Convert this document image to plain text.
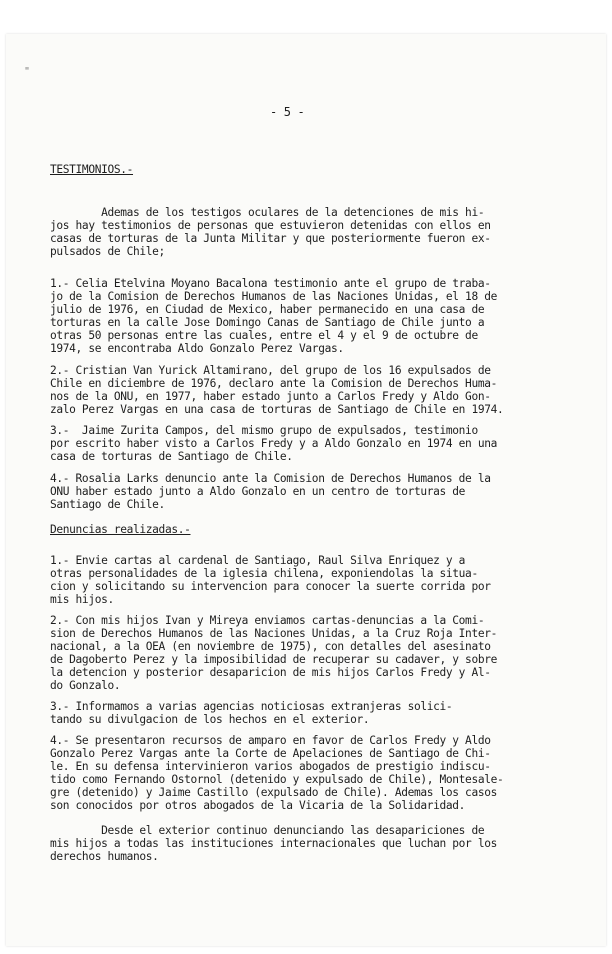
"
- 5 -
TESTIMONIOS.-
Ademas de los testigos oculares de la detenciones de mis hi-
jos hay testimonios de personas que estuvieron detenidas con ellos en
casas de torturas de la Junta Militar y que posteriormente fueron ex-
pulsados de Chile;
1.- Celia Etelvina Moyano Bacalona testimonio ante el grupo de traba-
jo de la Comision de Derechos Humanos de las Naciones Unidas, el 18 de
julio de 1976, en Ciudad de Mexico, haber permanecido en una casa de
torturas en la calle Jose Domingo Canas de Santiago de Chile junto a
otras 50 personas entre las cuales, entre el 4 y el 9 de octubre de
1974, se encontraba Aldo Gonzalo Perez Vargas.
2.- Cristian Van Yurick Altamirano, del grupo de los 16 expulsados de
Chile en diciembre de 1976, declaro ante la Comision de Derechos Huma-
nos de la ONU, en 1977, haber estado junto a Carlos Fredy y Aldo Gon-
zalo Perez Vargas en una casa de torturas de Santiago de Chile en 1974.
3.-  Jaime Zurita Campos, del mismo grupo de expulsados, testimonio
por escrito haber visto a Carlos Fredy y a Aldo Gonzalo en 1974 en una
casa de torturas de Santiago de Chile.
4.- Rosalia Larks denuncio ante la Comision de Derechos Humanos de la
ONU haber estado junto a Aldo Gonzalo en un centro de torturas de
Santiago de Chile.
Denuncias realizadas.-
1.- Envie cartas al cardenal de Santiago, Raul Silva Enriquez y a
otras personalidades de la iglesia chilena, exponiendolas la situa-
cion y solicitando su intervencion para conocer la suerte corrida por
mis hijos.
2.- Con mis hijos Ivan y Mireya enviamos cartas-denuncias a la Comi-
sion de Derechos Humanos de las Naciones Unidas, a la Cruz Roja Inter-
nacional, a la OEA (en noviembre de 1975), con detalles del asesinato
de Dagoberto Perez y la imposibilidad de recuperar su cadaver, y sobre
la detencion y posterior desaparicion de mis hijos Carlos Fredy y Al-
do Gonzalo.
3.- Informamos a varias agencias noticiosas extranjeras solici-
tando su divulgacion de los hechos en el exterior.
4.- Se presentaron recursos de amparo en favor de Carlos Fredy y Aldo
Gonzalo Perez Vargas ante la Corte de Apelaciones de Santiago de Chi-
le. En su defensa intervinieron varios abogados de prestigio indiscu-
tido como Fernando Ostornol (detenido y expulsado de Chile), Montesale-
gre (detenido) y Jaime Castillo (expulsado de Chile). Ademas los casos
son conocidos por otros abogados de la Vicaria de la Solidaridad.
Desde el exterior continuo denunciando las desapariciones de
mis hijos a todas las instituciones internacionales que luchan por los
derechos humanos.
